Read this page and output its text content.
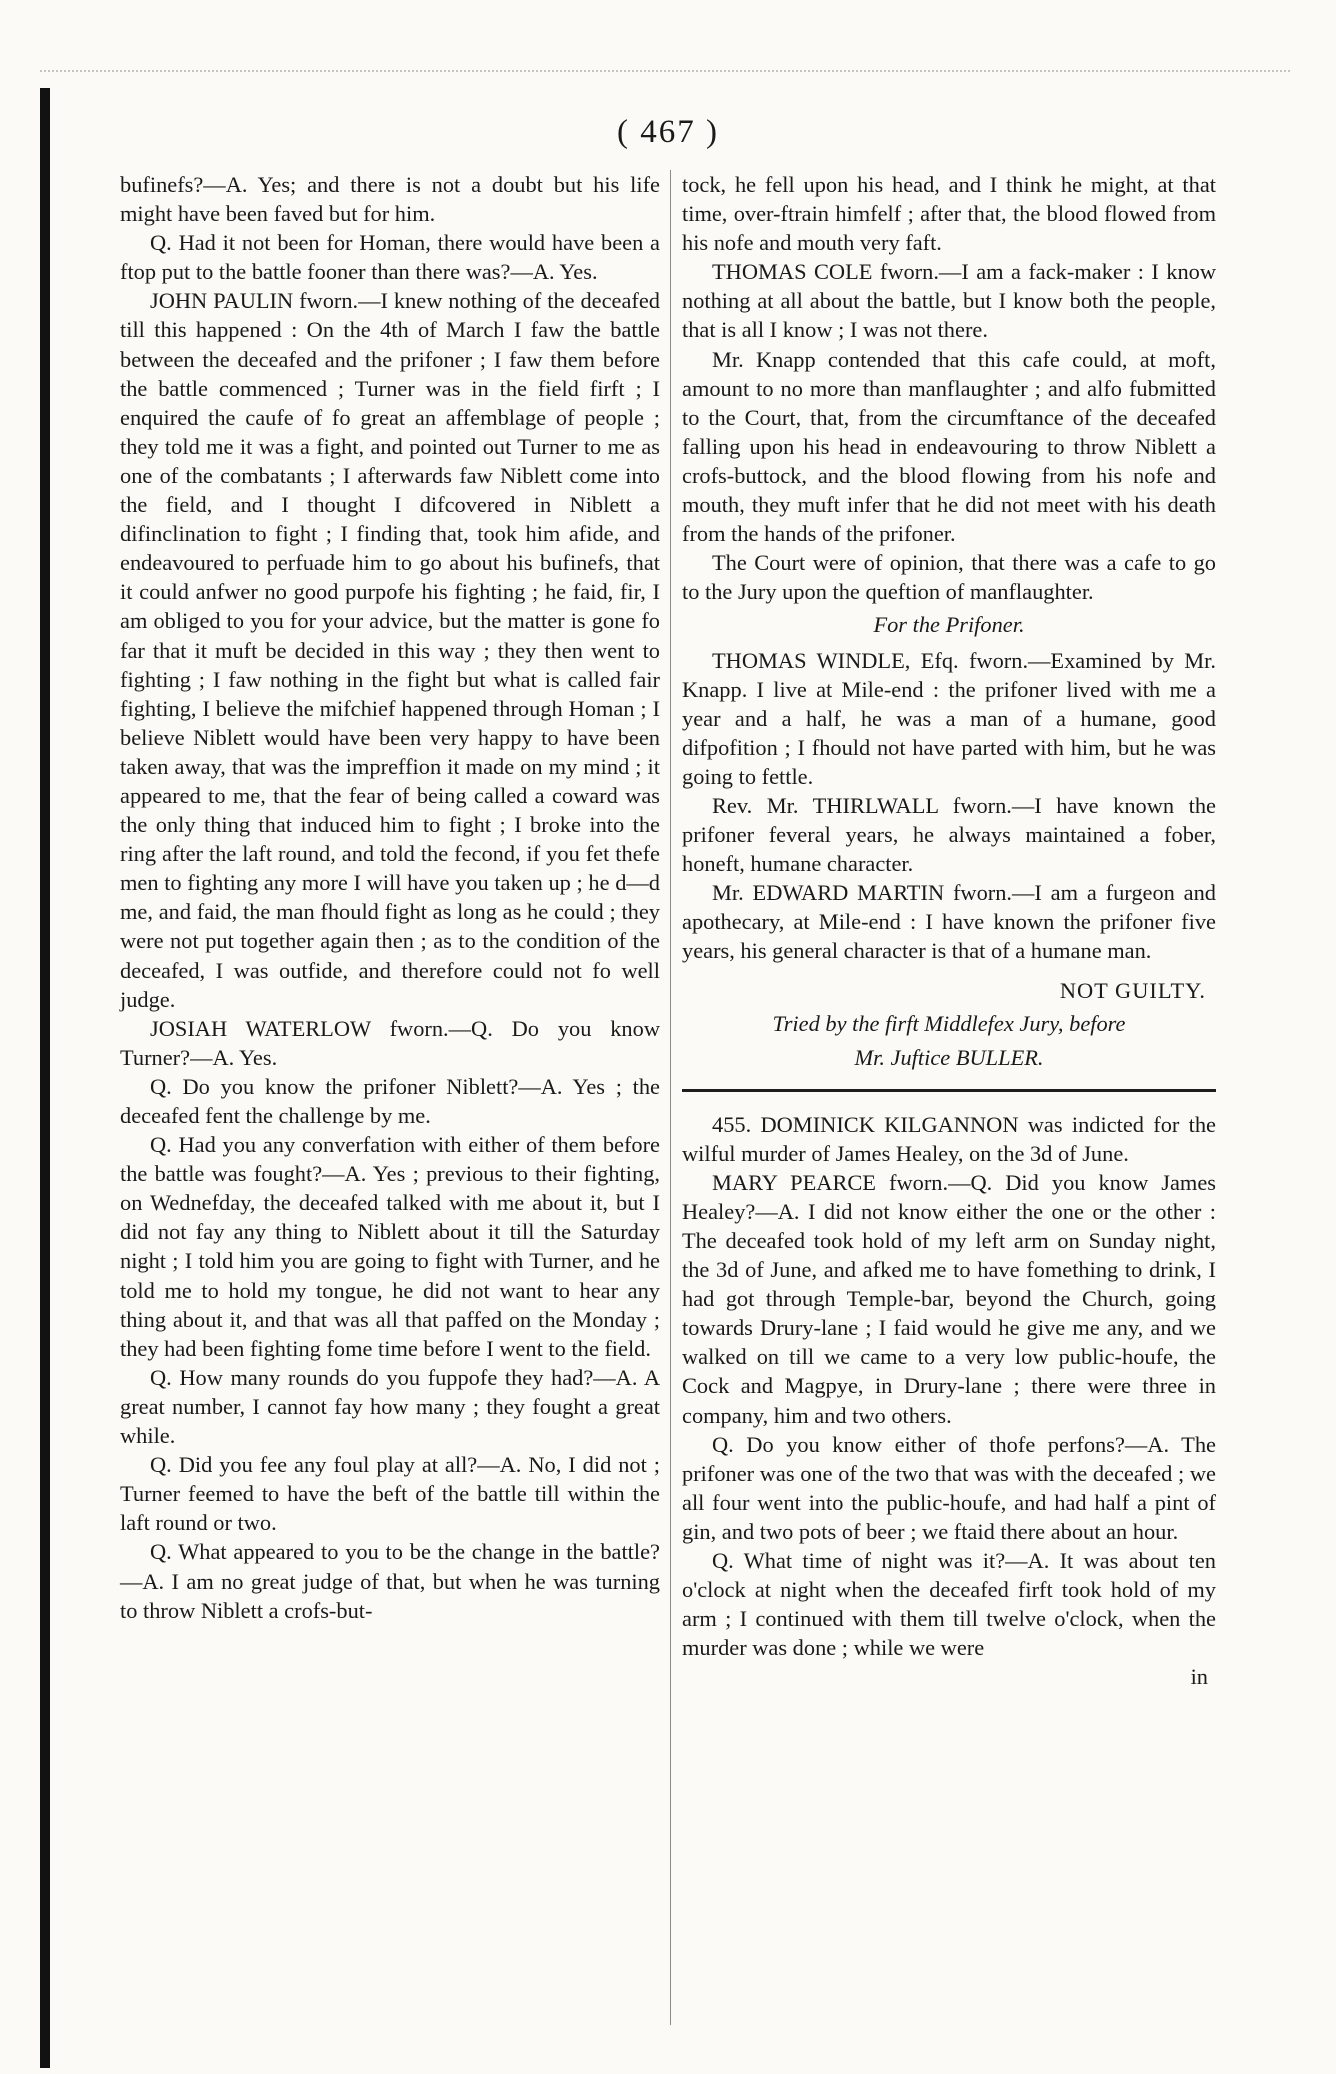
( 467 )

bufinefs?—A. Yes; and there is not a doubt but his life might have been faved but for him.

Q. Had it not been for Homan, there would have been a ftop put to the battle fooner than there was?—A. Yes.

JOHN PAULIN fworn.—I knew nothing of the deceafed till this happened : On the 4th of March I faw the battle between the deceafed and the prifoner ; I faw them before the battle commenced ; Turner was in the field firft ; I enquired the caufe of fo great an affemblage of people ; they told me it was a fight, and pointed out Turner to me as one of the combatants ; I afterwards faw Niblett come into the field, and I thought I difcovered in Niblett a difinclination to fight ; I finding that, took him afide, and endeavoured to perfuade him to go about his bufinefs, that it could anfwer no good purpofe his fighting ; he faid, fir, I am obliged to you for your advice, but the matter is gone fo far that it muft be decided in this way ; they then went to fighting ; I faw nothing in the fight but what is called fair fighting, I believe the mifchief happened through Homan ; I believe Niblett would have been very happy to have been taken away, that was the impreffion it made on my mind ; it appeared to me, that the fear of being called a coward was the only thing that induced him to fight ; I broke into the ring after the laft round, and told the fecond, if you fet thefe men to fighting any more I will have you taken up ; he d—d me, and faid, the man fhould fight as long as he could ; they were not put together again then ; as to the condition of the deceafed, I was outfide, and therefore could not fo well judge.

JOSIAH WATERLOW fworn.—Q. Do you know Turner?—A. Yes.

Q. Do you know the prifoner Niblett?—A. Yes ; the deceafed fent the challenge by me.

Q. Had you any converfation with either of them before the battle was fought?—A. Yes ; previous to their fighting, on Wednefday, the deceafed talked with me about it, but I did not fay any thing to Niblett about it till the Saturday night ; I told him you are going to fight with Turner, and he told me to hold my tongue, he did not want to hear any thing about it, and that was all that paffed on the Monday ; they had been fighting fome time before I went to the field.

Q. How many rounds do you fuppofe they had?—A. A great number, I cannot fay how many ; they fought a great while.

Q. Did you fee any foul play at all?—A. No, I did not ; Turner feemed to have the beft of the battle till within the laft round or two.

Q. What appeared to you to be the change in the battle?—A. I am no great judge of that, but when he was turning to throw Niblett a crofs-but-

tock, he fell upon his head, and I think he might, at that time, over-ftrain himfelf ; after that, the blood flowed from his nofe and mouth very faft.

THOMAS COLE fworn.—I am a fack-maker : I know nothing at all about the battle, but I know both the people, that is all I know ; I was not there.

Mr. Knapp contended that this cafe could, at moft, amount to no more than manflaughter ; and alfo fubmitted to the Court, that, from the circumftance of the deceafed falling upon his head in endeavouring to throw Niblett a crofs-buttock, and the blood flowing from his nofe and mouth, they muft infer that he did not meet with his death from the hands of the prifoner.

The Court were of opinion, that there was a cafe to go to the Jury upon the queftion of manflaughter.

For the Prifoner.

THOMAS WINDLE, Efq. fworn.—Examined by Mr. Knapp. I live at Mile-end : the prifoner lived with me a year and a half, he was a man of a humane, good difpofition ; I fhould not have parted with him, but he was going to fettle.

Rev. Mr. THIRLWALL fworn.—I have known the prifoner feveral years, he always maintained a fober, honeft, humane character.

Mr. EDWARD MARTIN fworn.—I am a furgeon and apothecary, at Mile-end : I have known the prifoner five years, his general character is that of a humane man.

NOT GUILTY.

Tried by the firft Middlefex Jury, before

Mr. Juftice BULLER.

455. DOMINICK KILGANNON was indicted for the wilful murder of James Healey, on the 3d of June.

MARY PEARCE fworn.—Q. Did you know James Healey?—A. I did not know either the one or the other : The deceafed took hold of my left arm on Sunday night, the 3d of June, and afked me to have fomething to drink, I had got through Temple-bar, beyond the Church, going towards Drury-lane ; I faid would he give me any, and we walked on till we came to a very low public-houfe, the Cock and Magpye, in Drury-lane ; there were three in company, him and two others.

Q. Do you know either of thofe perfons?—A. The prifoner was one of the two that was with the deceafed ; we all four went into the public-houfe, and had half a pint of gin, and two pots of beer ; we ftaid there about an hour.

Q. What time of night was it?—A. It was about ten o'clock at night when the deceafed firft took hold of my arm ; I continued with them till twelve o'clock, when the murder was done ; while we were

in
